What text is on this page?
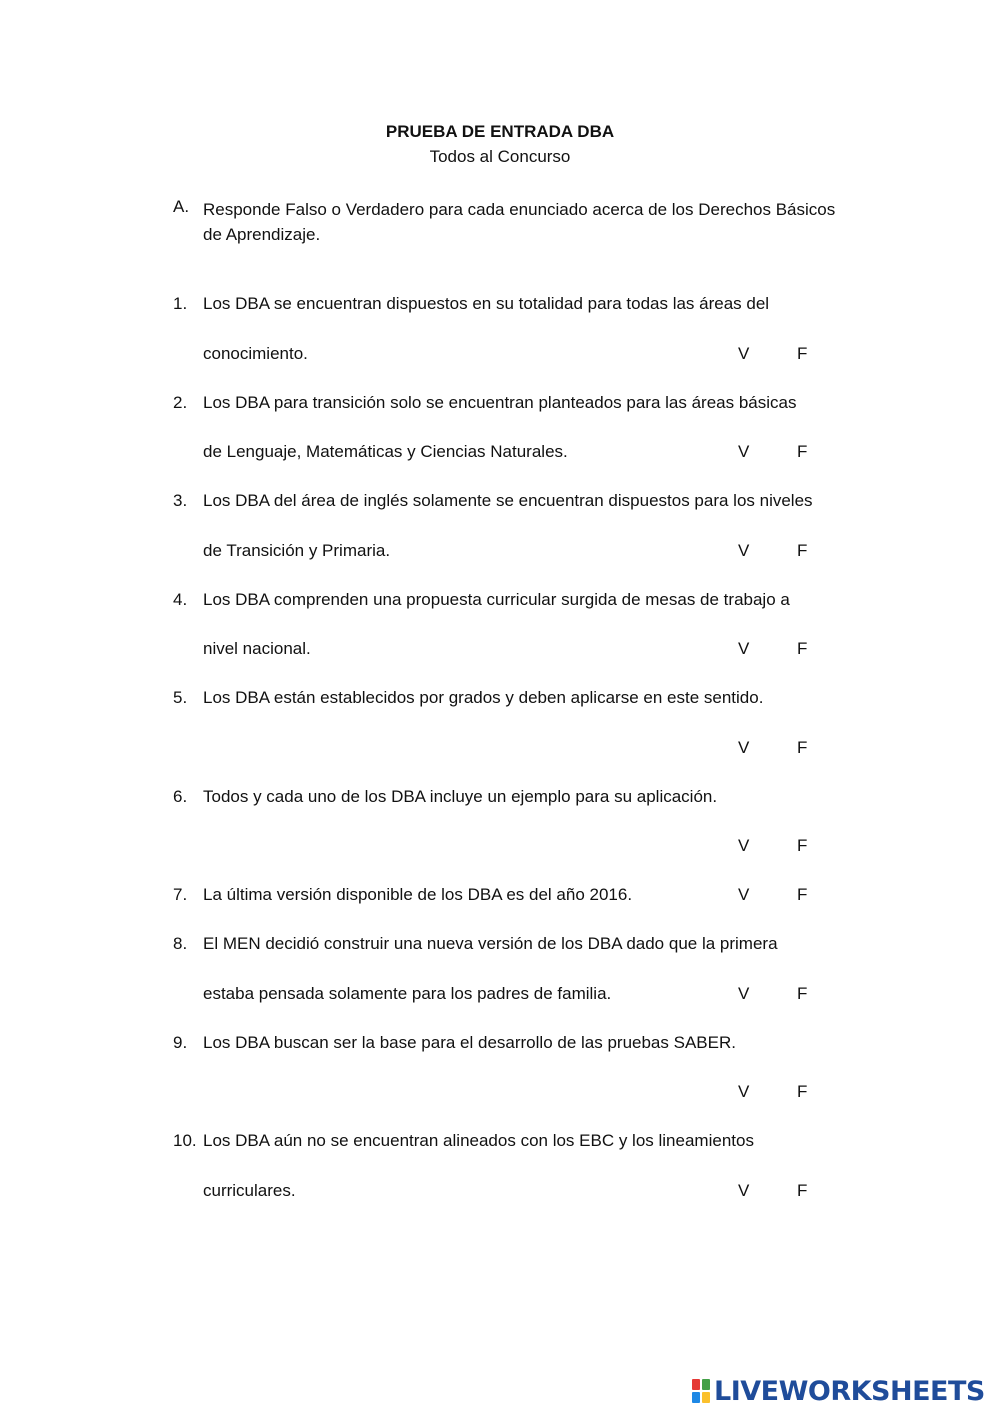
PRUEBA DE ENTRADA DBA
Todos al Concurso
A. Responde Falso o Verdadero para cada enunciado acerca de los Derechos Básicos de Aprendizaje.
1. Los DBA se encuentran dispuestos en su totalidad para todas las áreas del
conocimiento.	V	F
2. Los DBA para transición solo se encuentran planteados para las áreas básicas
de Lenguaje, Matemáticas y Ciencias Naturales.	V	F
3. Los DBA del área de inglés solamente se encuentran dispuestos para los niveles
de Transición y Primaria.	V	F
4. Los DBA comprenden una propuesta curricular surgida de mesas de trabajo a
nivel nacional.	V	F
5. Los DBA están establecidos por grados y deben aplicarse en este sentido.
V	F
6. Todos y cada uno de los DBA incluye un ejemplo para su aplicación.
V	F
7. La última versión disponible de los DBA es del año 2016.	V	F
8. El MEN decidió construir una nueva versión de los DBA dado que la primera
estaba pensada solamente para los padres de familia.	V	F
9. Los DBA buscan ser la base para el desarrollo de las pruebas SABER.
V	F
10. Los DBA aún no se encuentran alineados con los EBC y los lineamientos
curriculares.	V	F
LIVEWORKSHEETS
